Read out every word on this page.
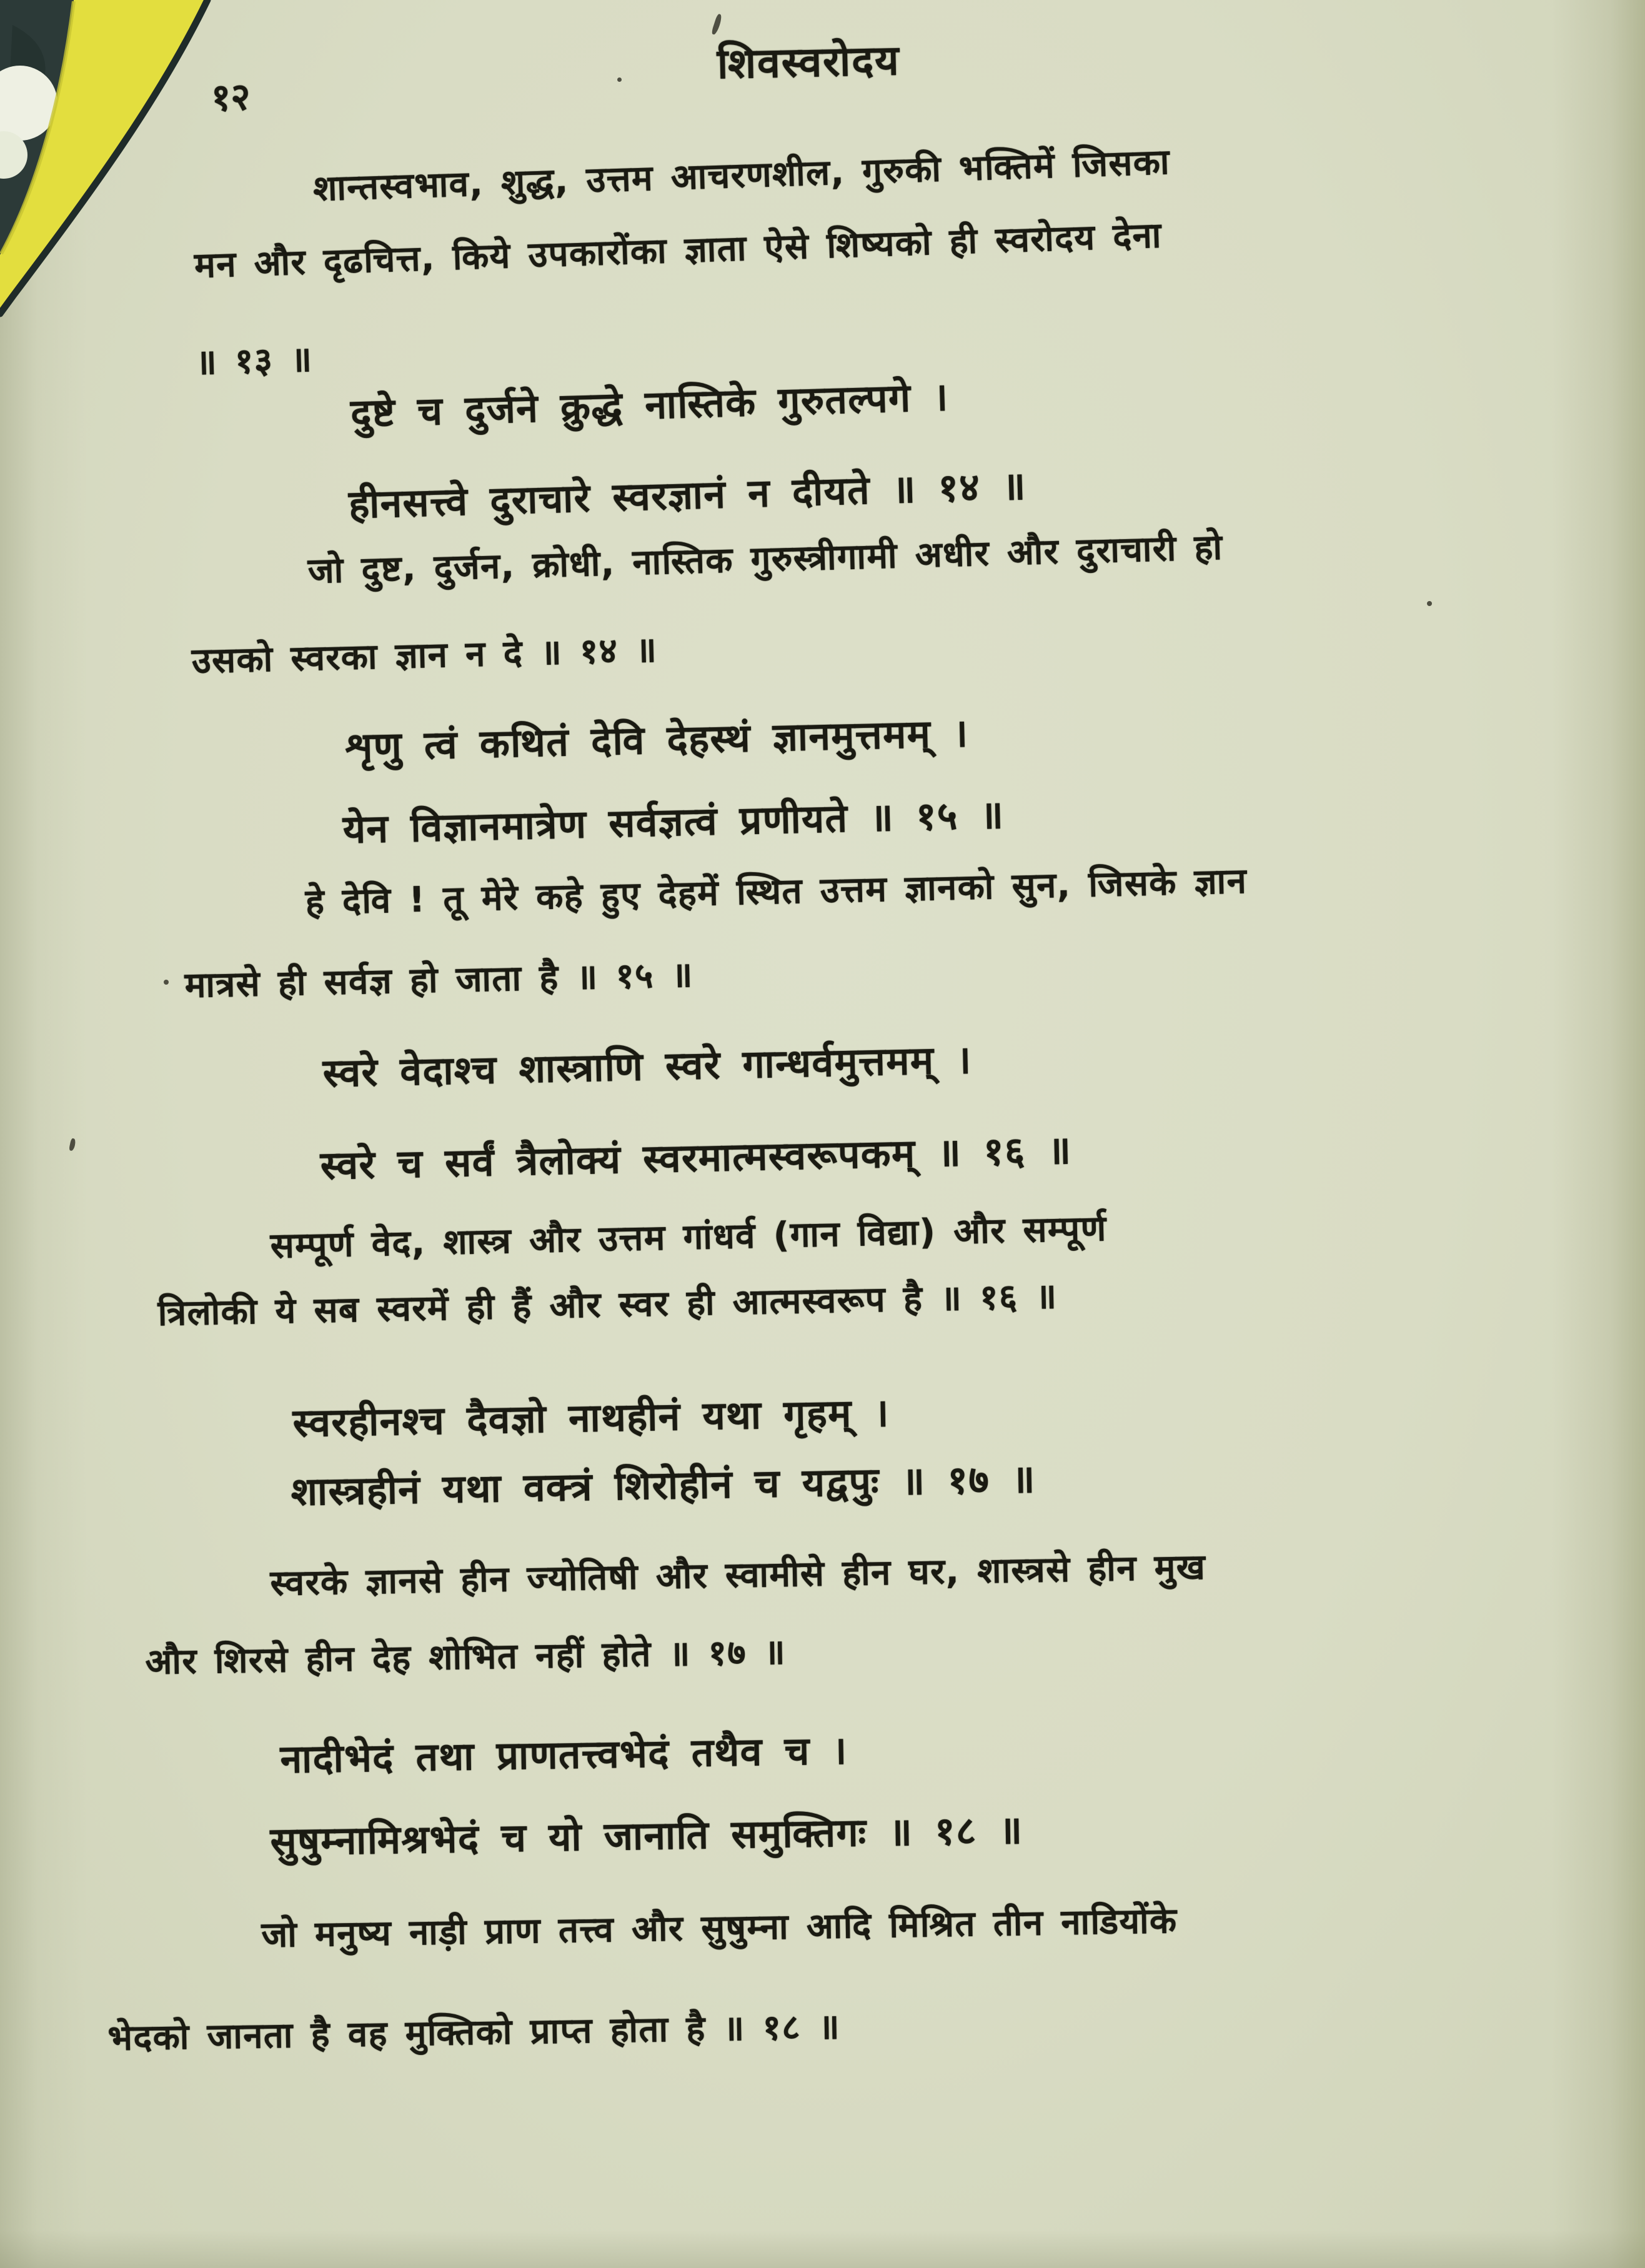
१२
शिवस्वरोदय
शान्तस्वभाव, शुद्ध, उत्तम आचरणशील, गुरुकी भक्तिमें जिसका
मन और दृढचित्त, किये उपकारोंका ज्ञाता ऐसे शिष्यको ही स्वरोदय देना
॥ १३ ॥
दुष्टे च दुर्जने क्रुद्धे नास्तिके गुरुतल्पगे ।
हीनसत्त्वे दुराचारे स्वरज्ञानं न दीयते ॥ १४ ॥
जो दुष्ट, दुर्जन, क्रोधी, नास्तिक गुरुस्त्रीगामी अधीर और दुराचारी हो
उसको स्वरका ज्ञान न दे ॥ १४ ॥
शृणु त्वं कथितं देवि देहस्थं ज्ञानमुत्तमम् ।
येन विज्ञानमात्रेण सर्वज्ञत्वं प्रणीयते ॥ १५ ॥
हे देवि ! तू मेरे कहे हुए देहमें स्थित उत्तम ज्ञानको सुन, जिसके ज्ञान
मात्रसे ही सर्वज्ञ हो जाता है ॥ १५ ॥
स्वरे वेदाश्च शास्त्राणि स्वरे गान्धर्वमुत्तमम् ।
स्वरे च सर्वं त्रैलोक्यं स्वरमात्मस्वरूपकम् ॥ १६ ॥
सम्पूर्ण वेद, शास्त्र और उत्तम गांधर्व (गान विद्या) और सम्पूर्ण
त्रिलोकी ये सब स्वरमें ही हैं और स्वर ही आत्मस्वरूप है ॥ १६ ॥
स्वरहीनश्च दैवज्ञो नाथहीनं यथा गृहम् ।
शास्त्रहीनं यथा वक्त्रं शिरोहीनं च यद्वपुः ॥ १७ ॥
स्वरके ज्ञानसे हीन ज्योतिषी और स्वामीसे हीन घर, शास्त्रसे हीन मुख
और शिरसे हीन देह शोभित नहीं होते ॥ १७ ॥
नादीभेदं तथा प्राणतत्त्वभेदं तथैव च ।
सुषुम्नामिश्रभेदं च यो जानाति समुक्तिगः ॥ १८ ॥
जो मनुष्य नाड़ी प्राण तत्त्व और सुषुम्ना आदि मिश्रित तीन नाडियोंके
भेदको जानता है वह मुक्तिको प्राप्त होता है ॥ १८ ॥
